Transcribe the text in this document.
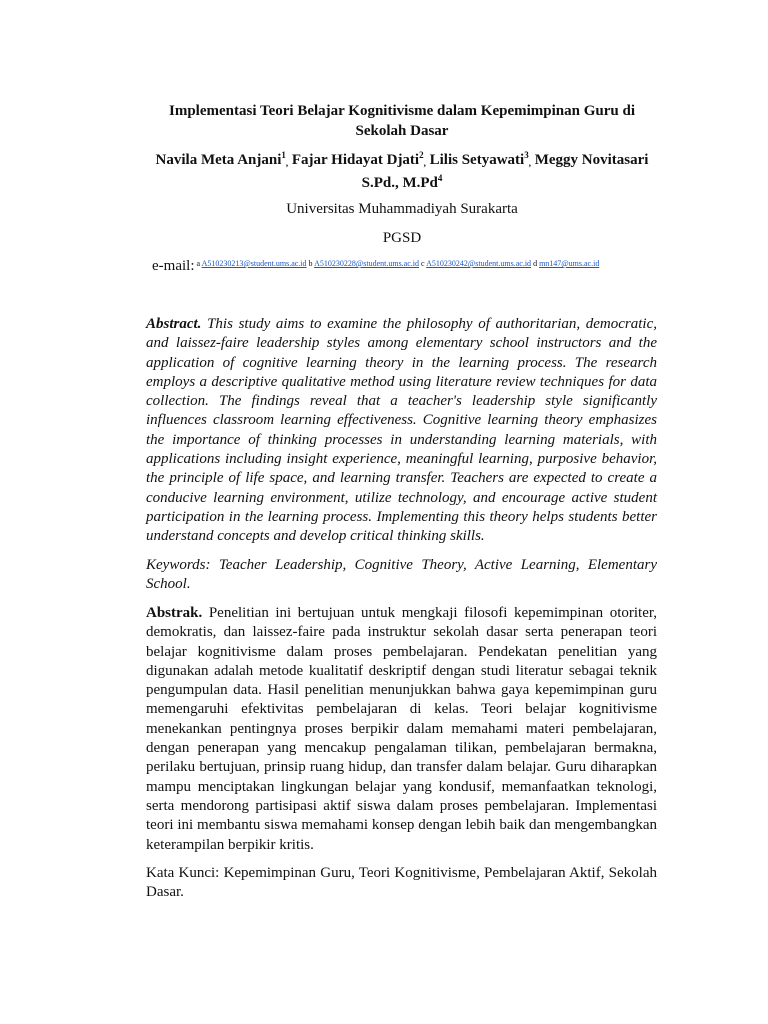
Implementasi Teori Belajar Kognitivisme dalam Kepemimpinan Guru di
Sekolah Dasar
Navila Meta Anjani$^1$, Fajar Hidayat Djati$^2$, Lilis Setyawati$^3$, Meggy Novitasari
S.Pd., M.Pd$^4$
Universitas Muhammadiyah Surakarta
PGSD
e-mail: a A510230213@student.ums.ac.id b A510230228@student.ums.ac.id c A510230242@student.ums.ac.id d mn147@ums.ac.id
Abstract. This study aims to examine the philosophy of authoritarian, democratic, and laissez-faire leadership styles among elementary school instructors and the application of cognitive learning theory in the learning process. The research employs a descriptive qualitative method using literature review techniques for data collection. The findings reveal that a teacher's leadership style significantly influences classroom learning effectiveness. Cognitive learning theory emphasizes the importance of thinking processes in understanding learning materials, with applications including insight experience, meaningful learning, purposive behavior, the principle of life space, and learning transfer. Teachers are expected to create a conducive learning environment, utilize technology, and encourage active student participation in the learning process. Implementing this theory helps students better understand concepts and develop critical thinking skills.
Keywords: Teacher Leadership, Cognitive Theory, Active Learning, Elementary School.
Abstrak. Penelitian ini bertujuan untuk mengkaji filosofi kepemimpinan otoriter, demokratis, dan laissez-faire pada instruktur sekolah dasar serta penerapan teori belajar kognitivisme dalam proses pembelajaran. Pendekatan penelitian yang digunakan adalah metode kualitatif deskriptif dengan studi literatur sebagai teknik pengumpulan data. Hasil penelitian menunjukkan bahwa gaya kepemimpinan guru memengaruhi efektivitas pembelajaran di kelas. Teori belajar kognitivisme menekankan pentingnya proses berpikir dalam memahami materi pembelajaran, dengan penerapan yang mencakup pengalaman tilikan, pembelajaran bermakna, perilaku bertujuan, prinsip ruang hidup, dan transfer dalam belajar. Guru diharapkan mampu menciptakan lingkungan belajar yang kondusif, memanfaatkan teknologi, serta mendorong partisipasi aktif siswa dalam proses pembelajaran. Implementasi teori ini membantu siswa memahami konsep dengan lebih baik dan mengembangkan keterampilan berpikir kritis.
Kata Kunci: Kepemimpinan Guru, Teori Kognitivisme, Pembelajaran Aktif, Sekolah Dasar.
